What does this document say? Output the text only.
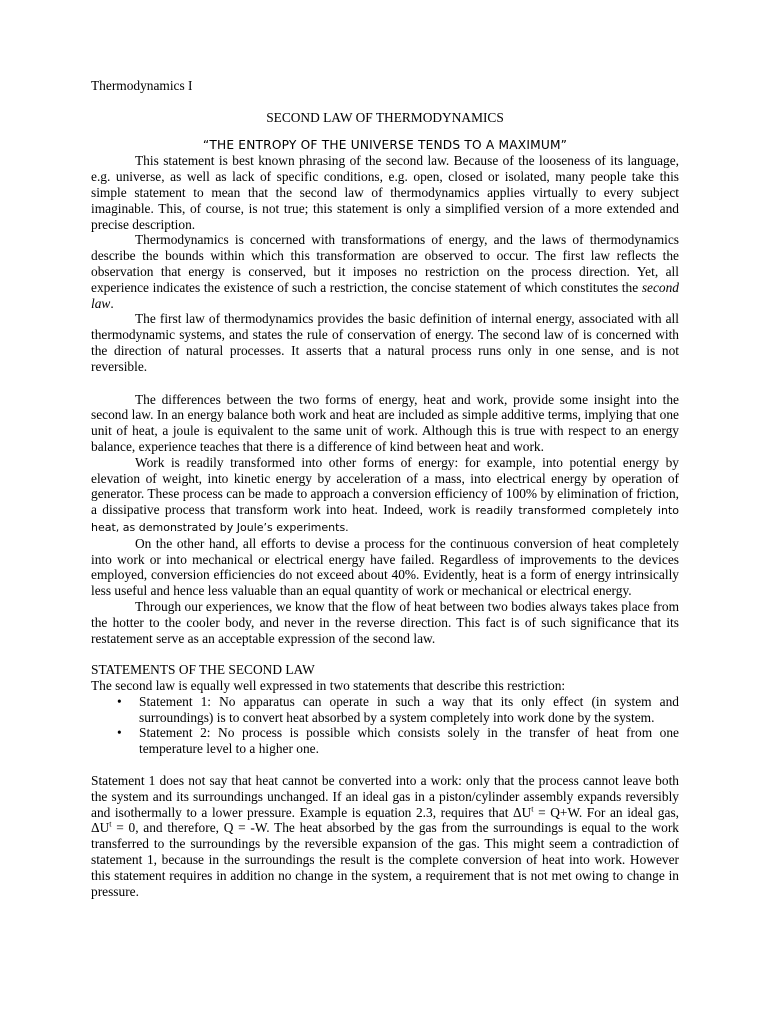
Thermodynamics I

SECOND LAW OF THERMODYNAMICS

“THE ENTROPY OF THE UNIVERSE TENDS TO A MAXIMUM”

This statement is best known phrasing of the second law. Because of the looseness of its language, e.g. universe, as well as lack of specific conditions, e.g. open, closed or isolated, many people take this simple statement to mean that the second law of thermodynamics applies virtually to every subject imaginable. This, of course, is not true; this statement is only a simplified version of a more extended and precise description.

Thermodynamics is concerned with transformations of energy, and the laws of thermodynamics describe the bounds within which this transformation are observed to occur. The first law reflects the observation that energy is conserved, but it imposes no restriction on the process direction. Yet, all experience indicates the existence of such a restriction, the concise statement of which constitutes the second law.

The first law of thermodynamics provides the basic definition of internal energy, associated with all thermodynamic systems, and states the rule of conservation of energy. The second law of is concerned with the direction of natural processes. It asserts that a natural process runs only in one sense, and is not reversible.

The differences between the two forms of energy, heat and work, provide some insight into the second law. In an energy balance both work and heat are included as simple additive terms, implying that one unit of heat, a joule is equivalent to the same unit of work. Although this is true with respect to an energy balance, experience teaches that there is a difference of kind between heat and work.

Work is readily transformed into other forms of energy: for example, into potential energy by elevation of weight, into kinetic energy by acceleration of a mass, into electrical energy by operation of generator. These process can be made to approach a conversion efficiency of 100% by elimination of friction, a dissipative process that transform work into heat. Indeed, work is readily transformed completely into heat, as demonstrated by Joule’s experiments.

On the other hand, all efforts to devise a process for the continuous conversion of heat completely into work or into mechanical or electrical energy have failed. Regardless of improvements to the devices employed, conversion efficiencies do not exceed about 40%. Evidently, heat is a form of energy intrinsically less useful and hence less valuable than an equal quantity of work or mechanical or electrical energy.

Through our experiences, we know that the flow of heat between two bodies always takes place from the hotter to the cooler body, and never in the reverse direction. This fact is of such significance that its restatement serve as an acceptable expression of the second law.

STATEMENTS OF THE SECOND LAW

The second law is equally well expressed in two statements that describe this restriction:

• Statement 1: No apparatus can operate in such a way that its only effect (in system and surroundings) is to convert heat absorbed by a system completely into work done by the system.
• Statement 2: No process is possible which consists solely in the transfer of heat from one temperature level to a higher one.

Statement 1 does not say that heat cannot be converted into a work: only that the process cannot leave both the system and its surroundings unchanged. If an ideal gas in a piston/cylinder assembly expands reversibly and isothermally to a lower pressure. Example is equation 2.3, requires that $\Delta U^t = Q+W$. For an ideal gas, $\Delta U^t = 0$, and therefore, Q = -W. The heat absorbed by the gas from the surroundings is equal to the work transferred to the surroundings by the reversible expansion of the gas. This might seem a contradiction of statement 1, because in the surroundings the result is the complete conversion of heat into work. However this statement requires in addition no change in the system, a requirement that is not met owing to change in pressure.
